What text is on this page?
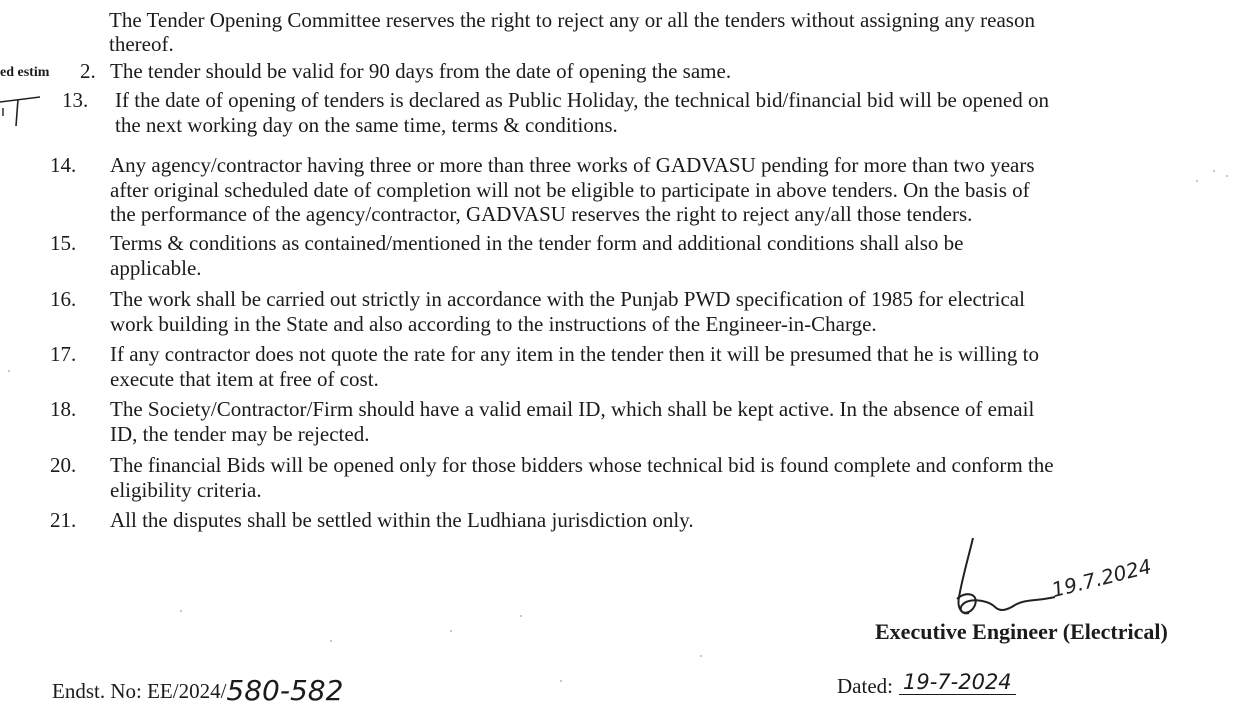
The Tender Opening Committee reserves the right to reject any or all the tenders without assigning any reason
thereof.
ed estim 2. The tender should be valid for 90 days from the date of opening the same.
13.	If the date of opening of tenders is declared as Public Holiday, the technical bid/financial bid will be opened on
the next working day on the same time, terms & conditions.
14.	Any agency/contractor having three or more than three works of GADVASU pending for more than two years
after original scheduled date of completion will not be eligible to participate in above tenders. On the basis of
the performance of the agency/contractor, GADVASU reserves the right to reject any/all those tenders.
15.	Terms & conditions as contained/mentioned in the tender form and additional conditions shall also be
applicable.
16.	The work shall be carried out strictly in accordance with the Punjab PWD specification of 1985 for electrical
work building in the State and also according to the instructions of the Engineer-in-Charge.
17.	If any contractor does not quote the rate for any item in the tender then it will be presumed that he is willing to
execute that item at free of cost.
18.	The Society/Contractor/Firm should have a valid email ID, which shall be kept active. In the absence of email
ID, the tender may be rejected.
20.	The financial Bids will be opened only for those bidders whose technical bid is found complete and conform the
eligibility criteria.
21.	All the disputes shall be settled within the Ludhiana jurisdiction only.
19.7.2024
Executive Engineer (Electrical)
Endst. No: EE/2024/580-582	Dated: 19-7-2024
